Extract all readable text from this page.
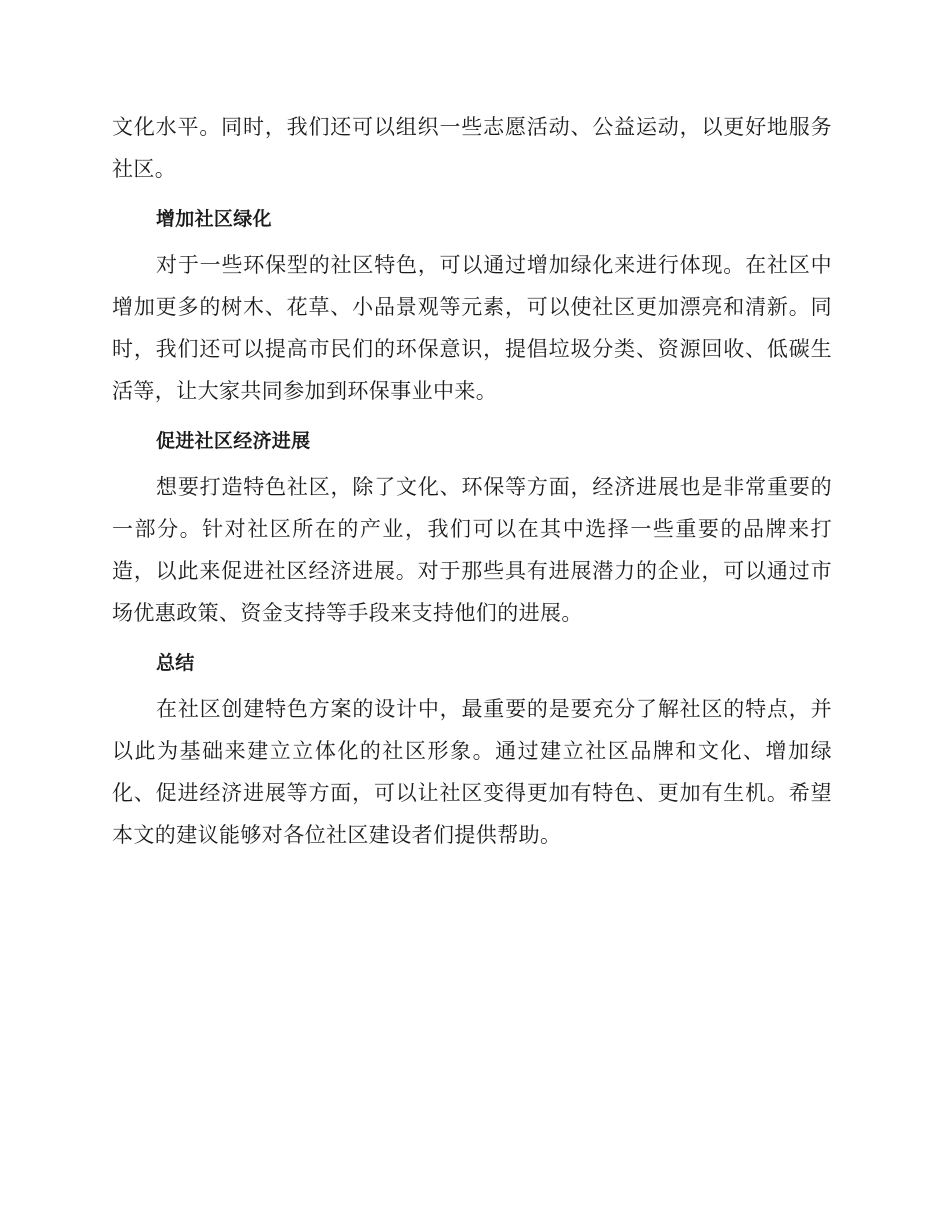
文化水平。同时，我们还可以组织一些志愿活动、公益运动，以更好地服务社区。

增加社区绿化

对于一些环保型的社区特色，可以通过增加绿化来进行体现。在社区中增加更多的树木、花草、小品景观等元素，可以使社区更加漂亮和清新。同时，我们还可以提高市民们的环保意识，提倡垃圾分类、资源回收、低碳生活等，让大家共同参加到环保事业中来。

促进社区经济进展

想要打造特色社区，除了文化、环保等方面，经济进展也是非常重要的一部分。针对社区所在的产业，我们可以在其中选择一些重要的品牌来打造，以此来促进社区经济进展。对于那些具有进展潜力的企业，可以通过市场优惠政策、资金支持等手段来支持他们的进展。

总结

在社区创建特色方案的设计中，最重要的是要充分了解社区的特点，并以此为基础来建立立体化的社区形象。通过建立社区品牌和文化、增加绿化、促进经济进展等方面，可以让社区变得更加有特色、更加有生机。希望本文的建议能够对各位社区建设者们提供帮助。
